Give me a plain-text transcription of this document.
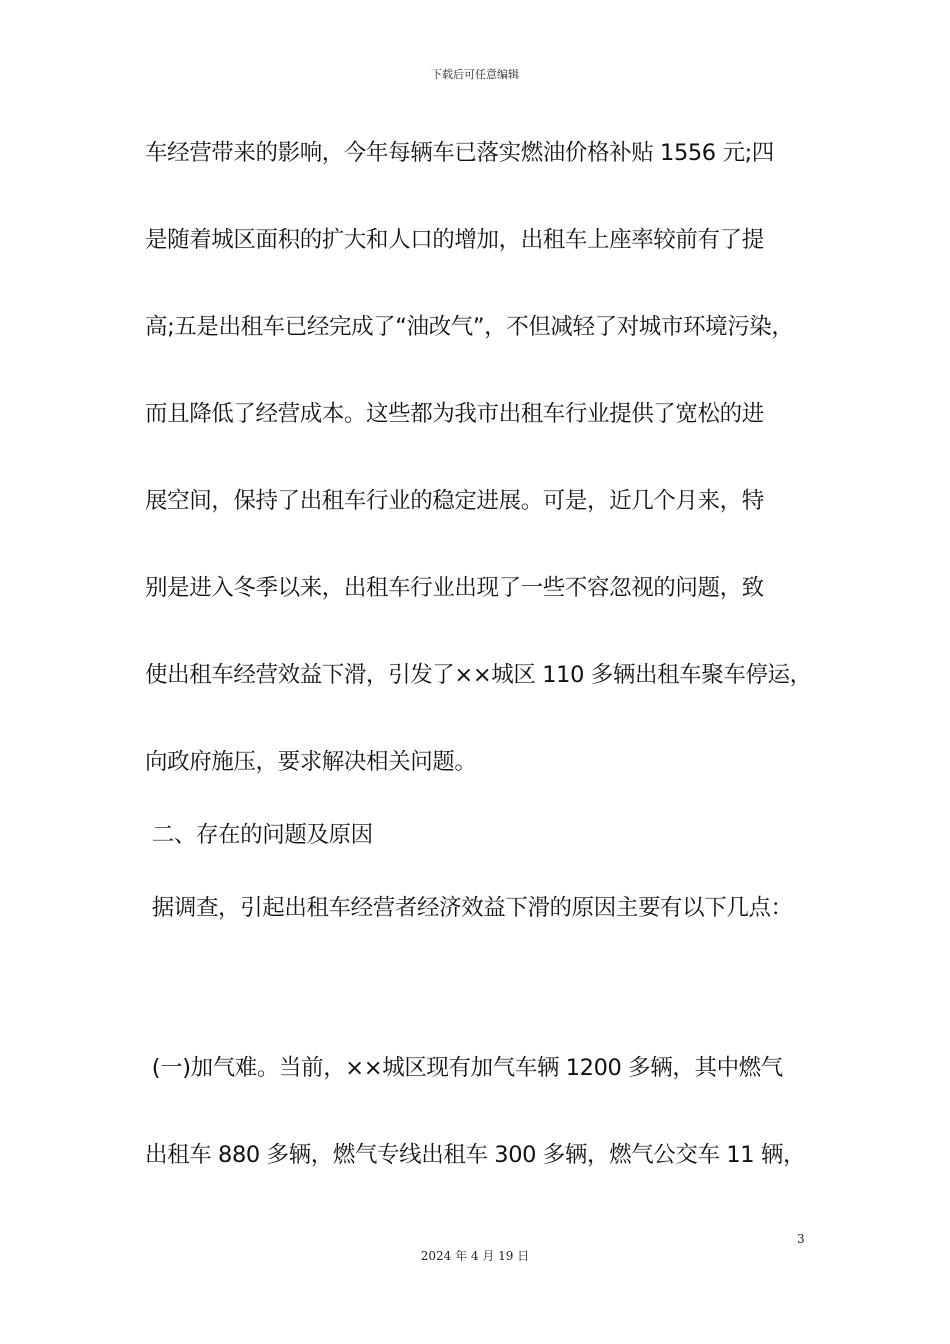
下载后可任意编辑

车经营带来的影响，今年每辆车已落实燃油价格补贴 1556 元;四

是随着城区面积的扩大和人口的增加，出租车上座率较前有了提

高;五是出租车已经完成了“油改气”，不但减轻了对城市环境污染，

而且降低了经营成本。这些都为我市出租车行业提供了宽松的进

展空间，保持了出租车行业的稳定进展。可是，近几个月来，特

别是进入冬季以来，出租车行业出现了一些不容忽视的问题，致

使出租车经营效益下滑，引发了××城区 110 多辆出租车聚车停运，

向政府施压，要求解决相关问题。

二、存在的问题及原因

据调查，引起出租车经营者经济效益下滑的原因主要有以下几点：

(一)加气难。当前，××城区现有加气车辆 1200 多辆，其中燃气

出租车 880 多辆，燃气专线出租车 300 多辆，燃气公交车 11 辆，

3
2024 年 4 月 19 日
